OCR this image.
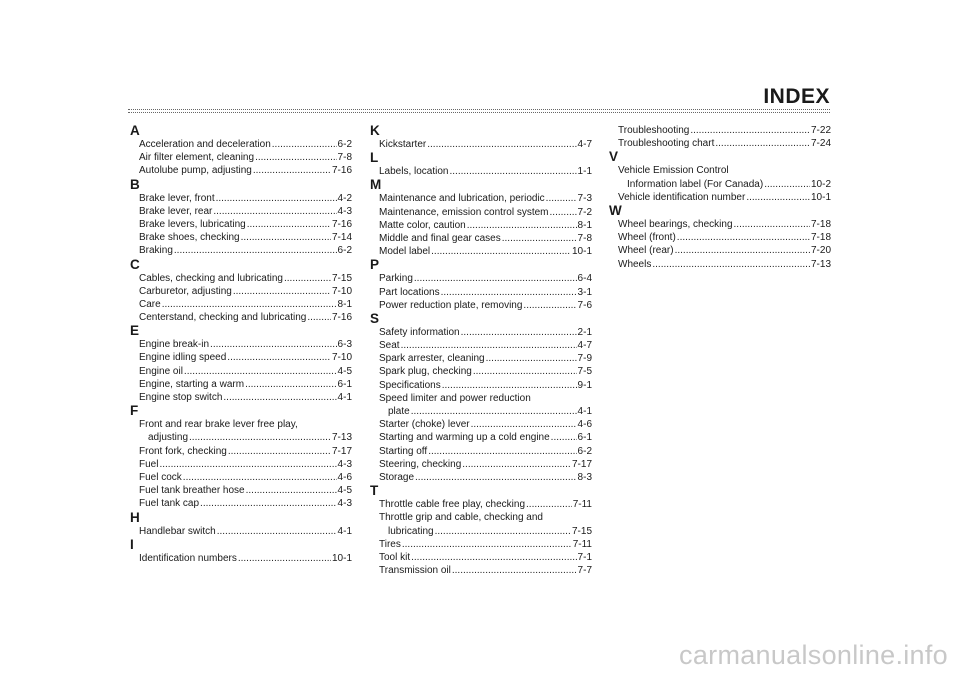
INDEX
A
Acceleration and deceleration .....	6-2
Air filter element, cleaning .....	7-8
Autolube pump, adjusting .....	7-16
B
Brake lever, front .....	4-2
Brake lever, rear .....	4-3
Brake levers, lubricating .....	7-16
Brake shoes, checking .....	7-14
Braking .....	6-2
C
Cables, checking and lubricating .....	7-15
Carburetor, adjusting .....	7-10
Care .....	8-1
Centerstand, checking and lubricating .....	7-16
E
Engine break-in .....	6-3
Engine idling speed .....	7-10
Engine oil .....	4-5
Engine, starting a warm .....	6-1
Engine stop switch .....	4-1
F
Front and rear brake lever free play,
adjusting .....	7-13
Front fork, checking .....	7-17
Fuel .....	4-3
Fuel cock .....	4-6
Fuel tank breather hose .....	4-5
Fuel tank cap .....	4-3
H
Handlebar switch .....	4-1
I
Identification numbers .....	10-1
K
Kickstarter .....	4-7
L
Labels, location .....	1-1
M
Maintenance and lubrication, periodic .....	7-3
Maintenance, emission control system .....	7-2
Matte color, caution .....	8-1
Middle and final gear cases .....	7-8
Model label .....	10-1
P
Parking .....	6-4
Part locations .....	3-1
Power reduction plate, removing .....	7-6
S
Safety information .....	2-1
Seat .....	4-7
Spark arrester, cleaning .....	7-9
Spark plug, checking .....	7-5
Specifications .....	9-1
Speed limiter and power reduction
plate .....	4-1
Starter (choke) lever .....	4-6
Starting and warming up a cold engine .....	6-1
Starting off .....	6-2
Steering, checking .....	7-17
Storage .....	8-3
T
Throttle cable free play, checking .....	7-11
Throttle grip and cable, checking and
lubricating .....	7-15
Tires .....	7-11
Tool kit .....	7-1
Transmission oil .....	7-7
Troubleshooting .....	7-22
Troubleshooting chart .....	7-24
V
Vehicle Emission Control
Information label (For Canada) .....	10-2
Vehicle identification number .....	10-1
W
Wheel bearings, checking .....	7-18
Wheel (front) .....	7-18
Wheel (rear) .....	7-20
Wheels .....	7-13
carmanualsonline.info
